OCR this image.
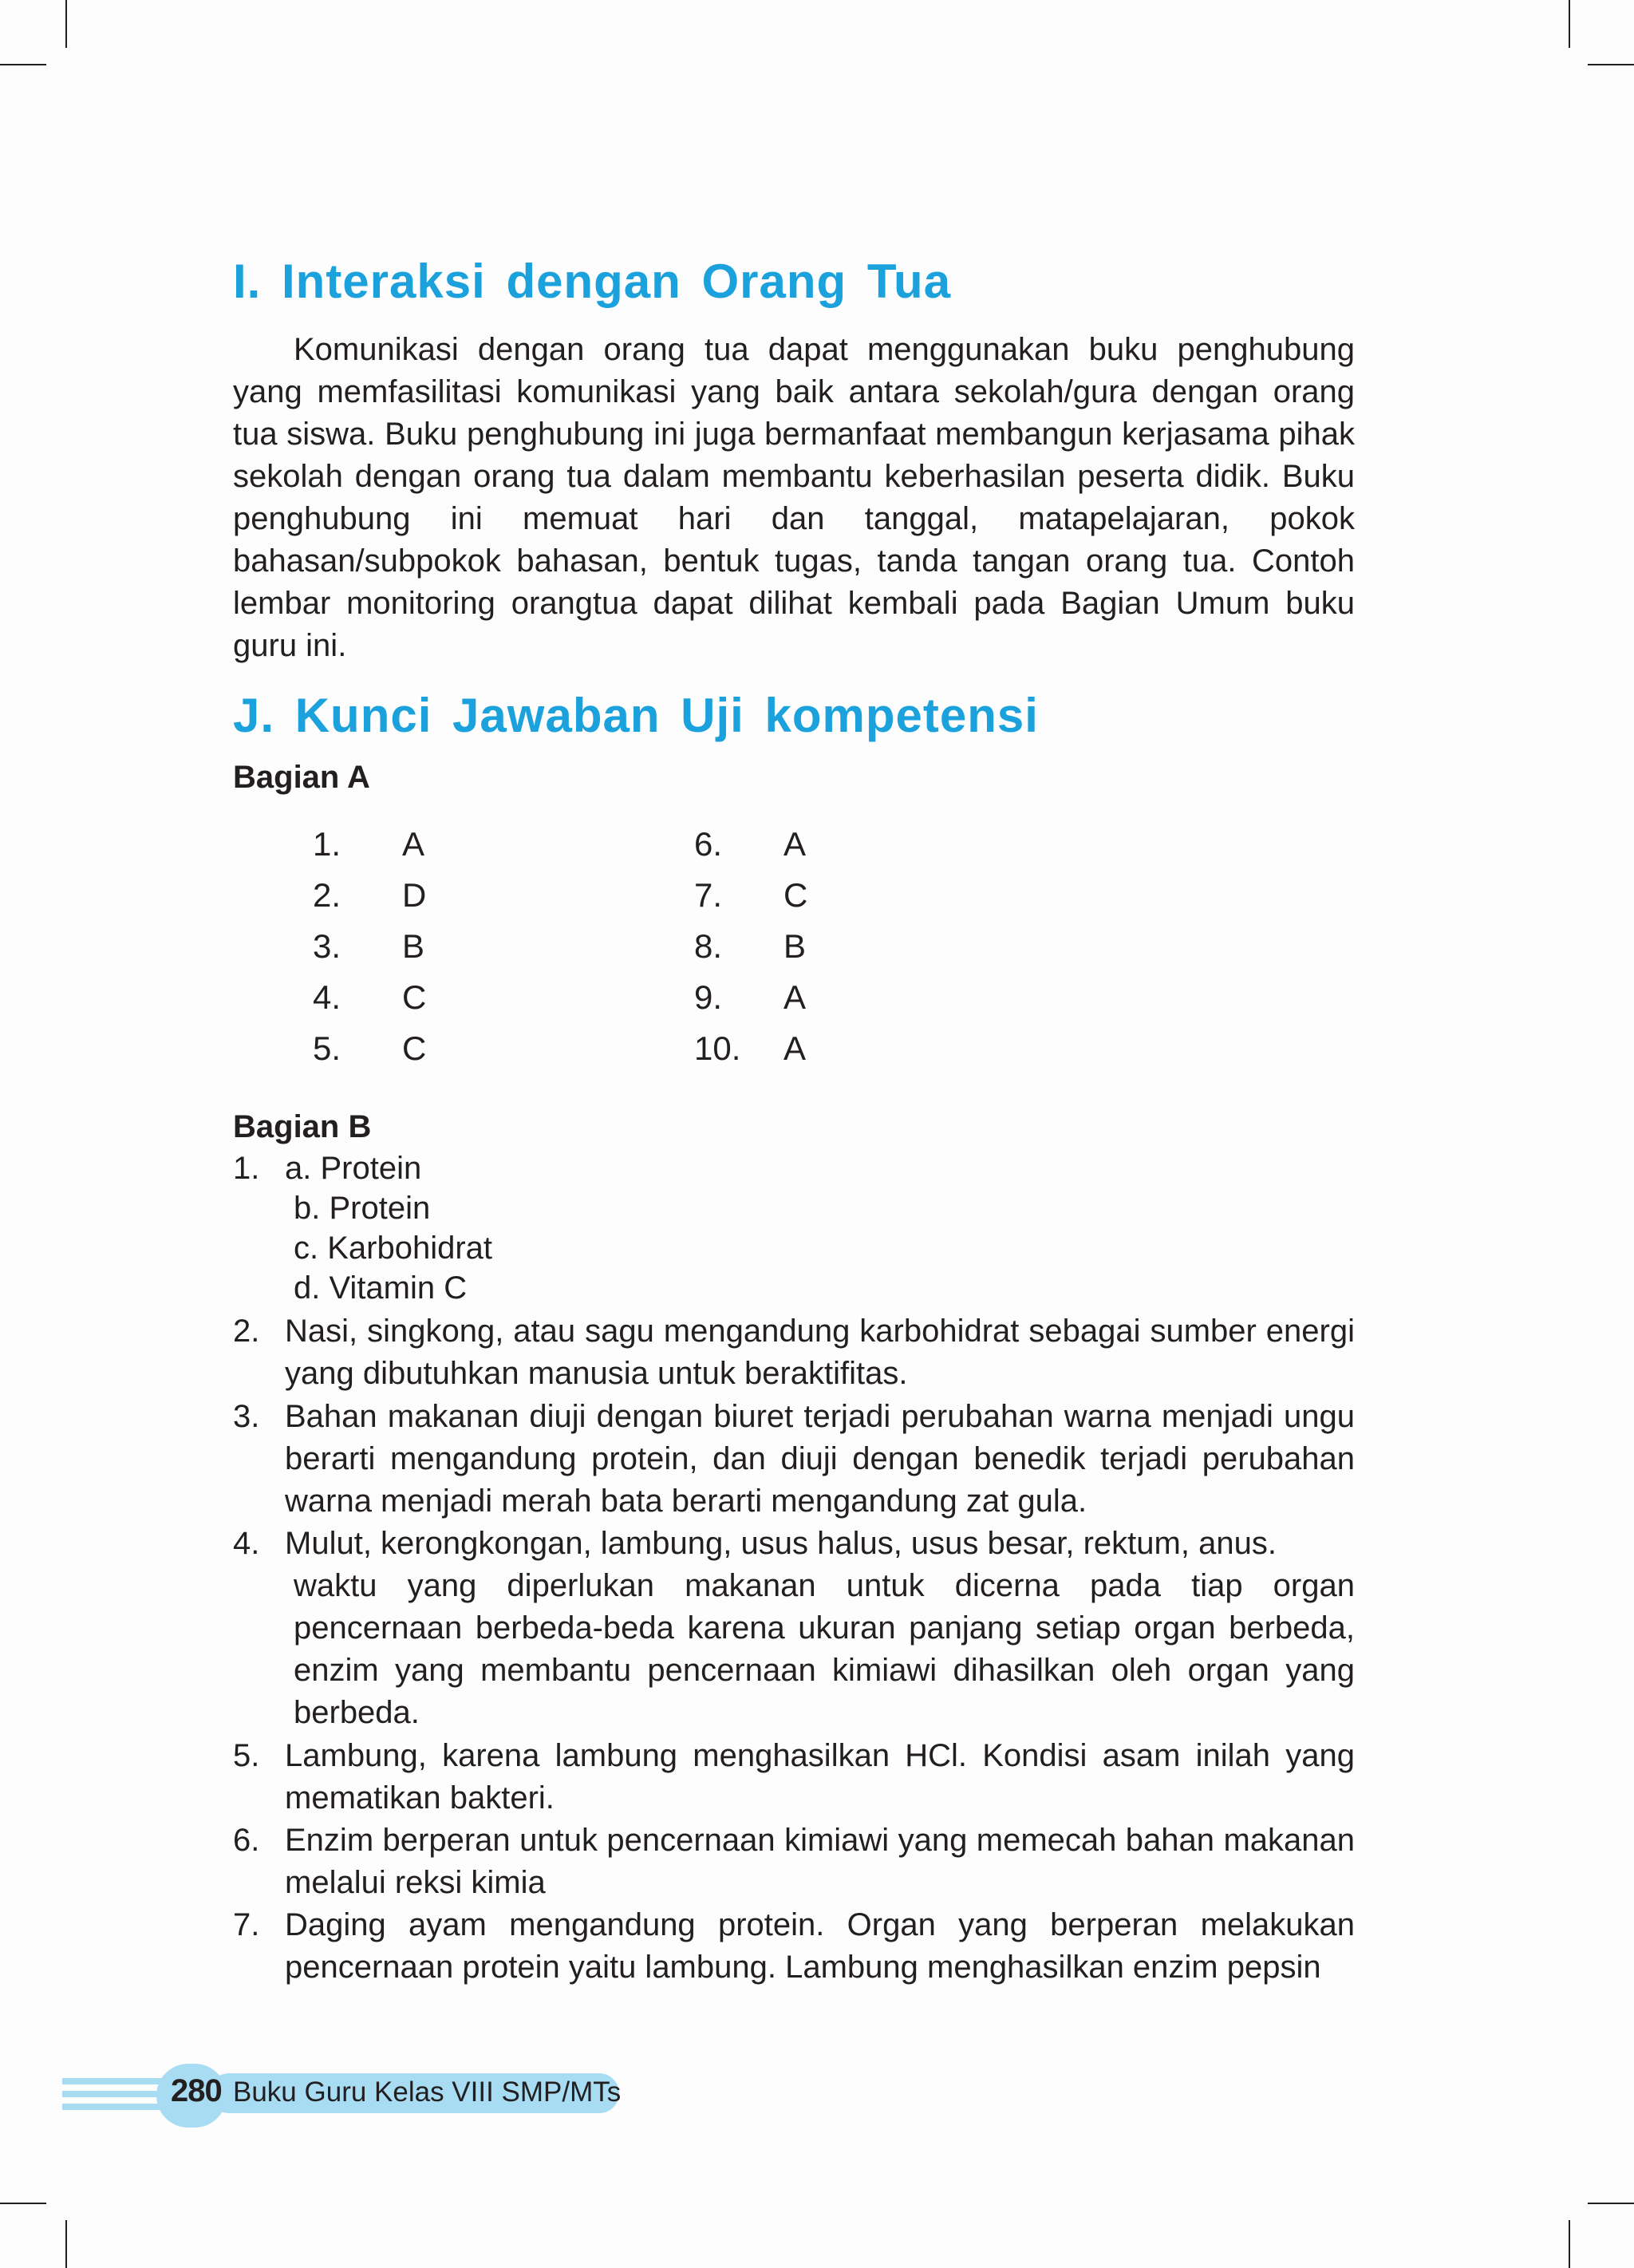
I. Interaksi dengan Orang Tua

Komunikasi dengan orang tua dapat menggunakan buku penghubung yang memfasilitasi komunikasi yang baik antara sekolah/gura dengan orang tua siswa. Buku penghubung ini juga bermanfaat membangun kerjasama pihak sekolah dengan orang tua dalam membantu keberhasilan peserta didik. Buku penghubung ini memuat hari dan tanggal, matapelajaran, pokok bahasan/subpokok bahasan, bentuk tugas, tanda tangan orang tua. Contoh lembar monitoring orangtua dapat dilihat kembali pada Bagian Umum buku guru ini.

J. Kunci Jawaban Uji kompetensi
Bagian A
1. A
2. D
3. B
4. C
5. C
6. A
7. C
8. B
9. A
10. A
Bagian B
1. a. Protein
b. Protein
c. Karbohidrat
d. Vitamin C
2. Nasi, singkong, atau sagu mengandung karbohidrat sebagai sumber energi yang dibutuhkan manusia untuk beraktifitas.
3. Bahan makanan diuji dengan biuret terjadi perubahan warna menjadi ungu berarti mengandung protein, dan diuji dengan benedik terjadi perubahan warna menjadi merah bata berarti mengandung zat gula.
4. Mulut, kerongkongan, lambung, usus halus, usus besar, rektum, anus.
waktu yang diperlukan makanan untuk dicerna pada tiap organ pencernaan berbeda-beda karena ukuran panjang setiap organ berbeda, enzim yang membantu pencernaan kimiawi dihasilkan oleh organ yang berbeda.
5. Lambung, karena lambung menghasilkan HCl. Kondisi asam inilah yang mematikan bakteri.
6. Enzim berperan untuk pencernaan kimiawi yang memecah bahan makanan melalui reksi kimia
7. Daging ayam mengandung protein. Organ yang berperan melakukan pencernaan protein yaitu lambung. Lambung menghasilkan enzim pepsin
280 Buku Guru Kelas VIII SMP/MTs
